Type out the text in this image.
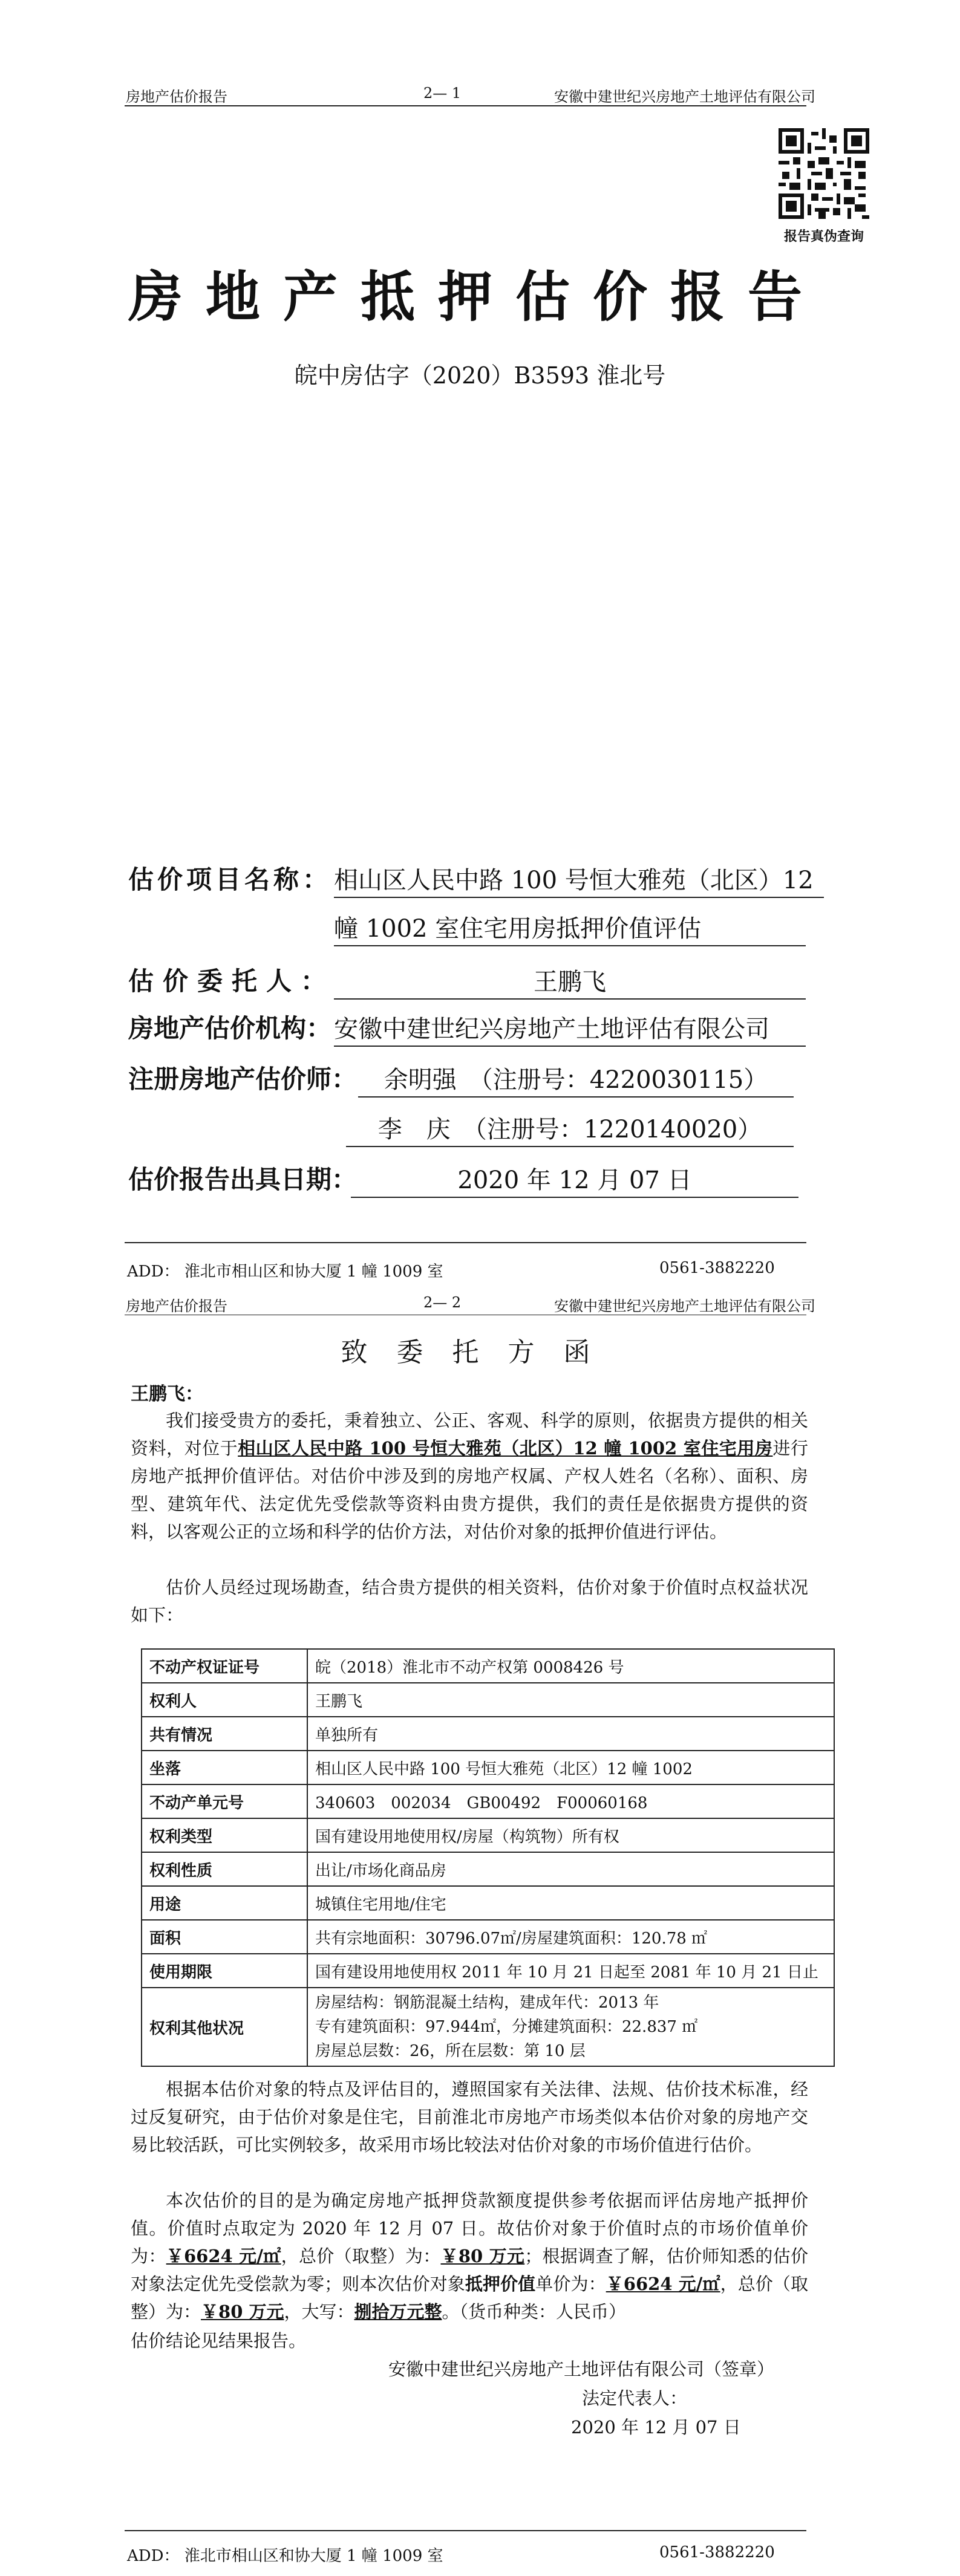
房地产估价报告	2— 1	安徽中建世纪兴房地产土地评估有限公司
报告真伪查询
房地产抵押估价报告
皖中房估字（2020）B3593 淮北号
估价项目名称： 相山区人民中路 100 号恒大雅苑（北区）12
幢 1002 室住宅用房抵押价值评估
估价委托人：	王鹏飞
房地产估价机构： 安徽中建世纪兴房地产土地评估有限公司
注册房地产估价师：	余明强　（注册号：4220030115）
李　庆　（注册号：1220140020）
估价报告出具日期：	2020 年 12 月 07 日
ADD： 淮北市相山区和协大厦 1 幢 1009 室	0561-3882220
房地产估价报告	2— 2	安徽中建世纪兴房地产土地评估有限公司
致委托方函
王鹏飞：
我们接受贵方的委托，秉着独立、公正、客观、科学的原则，依据贵方提供的相关资料，对位于相山区人民中路 100 号恒大雅苑（北区）12 幢 1002 室住宅用房进行房地产抵押价值评估。对估价中涉及到的房地产权属、产权人姓名（名称）、面积、房型、建筑年代、法定优先受偿款等资料由贵方提供，我们的责任是依据贵方提供的资料，以客观公正的立场和科学的估价方法，对估价对象的抵押价值进行评估。
估价人员经过现场勘查，结合贵方提供的相关资料，估价对象于价值时点权益状况如下：
不动产权证证号	皖（2018）淮北市不动产权第 0008426 号
权利人	王鹏飞
共有情况	单独所有
坐落	相山区人民中路 100 号恒大雅苑（北区）12 幢 1002
不动产单元号	340603　002034　GB00492　F00060168
权利类型	国有建设用地使用权/房屋（构筑物）所有权
权利性质	出让/市场化商品房
用途	城镇住宅用地/住宅
面积	共有宗地面积：30796.07㎡/房屋建筑面积：120.78 ㎡
使用期限	国有建设用地使用权 2011 年 10 月 21 日起至 2081 年 10 月 21 日止
权利其他状况	房屋结构：钢筋混凝土结构，建成年代：2013 年
专有建筑面积：97.944㎡，分摊建筑面积：22.837 ㎡
房屋总层数：26，所在层数：第 10 层
根据本估价对象的特点及评估目的，遵照国家有关法律、法规、估价技术标准，经过反复研究，由于估价对象是住宅，目前淮北市房地产市场类似本估价对象的房地产交易比较活跃，可比实例较多，故采用市场比较法对估价对象的市场价值进行估价。
本次估价的目的是为确定房地产抵押贷款额度提供参考依据而评估房地产抵押价值。价值时点取定为 2020 年 12 月 07 日。故估价对象于价值时点的市场价值单价为：￥6624 元/㎡，总价（取整）为：￥80 万元；根据调查了解，估价师知悉的估价对象法定优先受偿款为零；则本次估价对象抵押价值单价为：￥6624 元/㎡，总价（取整）为：￥80 万元，大写：捌拾万元整。（货币种类：人民币）
估价结论见结果报告。
安徽中建世纪兴房地产土地评估有限公司（签章）
法定代表人：
2020 年 12 月 07 日
ADD： 淮北市相山区和协大厦 1 幢 1009 室	0561-3882220
